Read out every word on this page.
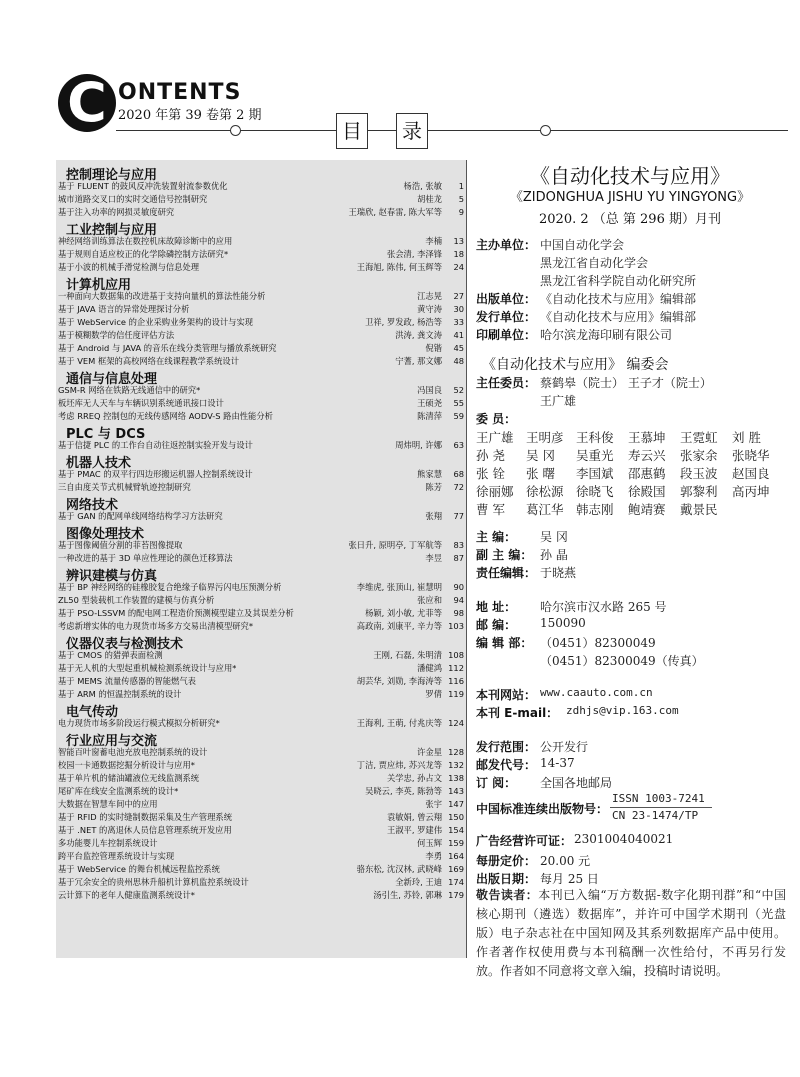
C ONTENTS
2020 年第 39 卷第 2 期
目	录
控制理论与应用
基于 FLUENT 的鼓风反冲洗装置射流参数优化	杨浩, 张敏	1
城市道路交叉口的实时交通信号控制研究	胡桂龙	5
基于注入功率的网损灵敏度研究	王瑞欣, 赵春雷, 陈大军等	9
工业控制与应用
神经网络训练算法在数控机床故障诊断中的应用	李楠	13
基于规则自适应校正的化学除磷控制方法研究*	张会清, 李泽锋	18
基于小波的机械手滑觉检测与信息处理	王海旭, 陈伟, 何玉辉等	24
计算机应用
一种面向大数据集的改进基于支持向量机的算法性能分析	江志晃	27
基于 JAVA 语言的异常处理探讨分析	黄守涛	30
基于 WebService 的企业采购业务架构的设计与实现	卫祥, 罗发政, 杨浩等	33
基于模糊数学的信任度评估方法	洪涛, 龚文涛	41
基于 Android 与 JAVA 的音乐在线分类管理与播放系统研究	倪锴	45
基于 VEM 框架的高校网络在线课程教学系统设计	宁蓍, 那文娜	48
通信与信息处理
GSM-R 网络在铁路无线通信中的研究*	冯国良	52
板坯库无人天车与车辆识别系统通讯接口设计	王硕尧	55
考虑 RREQ 控制包的无线传感网络 AODV-S 路由性能分析	陈清萍	59
PLC 与 DCS
基于信捷 PLC 的工作台自动往返控制实验开发与设计	周炜明, 许娜	63
机器人技术
基于 PMAC 的双平行四边形搬运机器人控制系统设计	熊家慧	68
三自由度关节式机械臂轨迹控制研究	陈芳	72
网络技术
基于 GAN 的配网单线网络结构学习方法研究	张翔	77
图像处理技术
基于图像阈值分割的菲苔图像提取	张日升, 原明亭, 丁军航等	83
一种改进的基于 3D 单应性理论的颜色迁移算法	李昱	87
辨识建模与仿真
基于 BP 神经网络的硅橡胶复合绝缘子临界污闪电压预测分析	李维虎, 张顶山, 崔慧明	90
ZL50 型装载机工作装置的建模与仿真分析	张应和	94
基于 PSO-LSSVM 的配电网工程造价预测模型建立及其误差分析	杨颖, 刘小敏, 尤菲等	98
考虑新增实体的电力现货市场多方交易出清模型研究*	高政南, 刘康平, 辛力等 103
仪器仪表与检测技术
基于 CMOS 的猎弹表面检测	王刚, 石磊, 朱明清 108
基于无人机的大型起重机械检测系统设计与应用*	潘健鸿 112
基于 MEMS 流量传感器的智能燃气表	胡芸华, 刘勋, 李海涛等 116
基于 ARM 的恒温控制系统的设计	罗倩 119
电气传动
电力现货市场多阶段运行模式模拟分析研究*	王海利, 王萌, 付兆庆等 124
行业应用与交流
智能百叶窗蓄电池充放电控制系统的设计	许金星 128
校园一卡通数据挖掘分析设计与应用*	丁洁, 贾应炜, 苏兴龙等 132
基于单片机的储油罐液位无线监测系统	关学忠, 孙占文 138
尾矿库在线安全监测系统的设计*	吴晓云, 李英, 陈勃等 143
大数据在智慧车间中的应用	张宇 147
基于 RFID 的实时缝制数据采集及生产管理系统	袁敏娟, 曾云翔 150
基于 .NET 的离退休人员信息管理系统开发应用	王淑平, 罗建伟 154
多功能婴儿车控制系统设计	何玉辉 159
跨平台监控管理系统设计与实现	李勇 164
基于 WebService 的舞台机械远程监控系统	骆东松, 沈汉林, 武晓峰 169
基于冗余安全的贵州思林升船机计算机监控系统设计	全新玲, 王迪 174
云计算下的老年人健康监测系统设计*	汤引生, 苏铃, 郭琳 179
《自动化技术与应用》
《ZIDONGHUA JISHU YU YINGYONG》
2020. 2 （总 第 296 期）月刊
主办单位： 中国自动化学会
黑龙江省自动化学会
黑龙江省科学院自动化研究所
出版单位： 《自动化技术与应用》编辑部
发行单位： 《自动化技术与应用》编辑部
印刷单位： 哈尔滨龙海印刷有限公司
《自动化技术与应用》 编委会
主任委员： 蔡鹤皋（院士） 王子才（院士）
王广雄
委 员：
王广雄 王明彦 王科俊 王慕坤 王霓虹 刘 胜
孙 尧 吴 冈 吴重光 寿云兴 张家余 张晓华
张 铨 张 曙 李国斌 邵惠鹤 段玉波 赵国良
徐丽娜 徐松源 徐晓飞 徐殿国 郭黎利 高丙坤
曹 军 葛江华 韩志刚 鲍靖赛 戴景民
主 编： 吴 冈
副 主 编： 孙 晶
责任编辑： 于晓燕
地 址： 哈尔滨市汉水路 265 号
邮 编： 150090
编 辑 部： （0451）82300049
（0451）82300049（传真）
本刊网站： www.caauto.com.cn
本刊 E-mail： zdhjs@vip.163.com
发行范围： 公开发行
邮发代号： 14-37
订 阅： 全国各地邮局
中国标准连续出版物号：
ISSN 1003-7241
CN 23-1474/TP
广告经营许可证： 2301004040021
每册定价： 20.00 元
出版日期： 每月 25 日
敬告读者：本刊已入编“万方数据-数字化期刊群”和“中国核心期刊（遴选）数据库”，并许可中国学术期刊（光盘版）电子杂志社在中国知网及其系列数据库产品中使用。作者著作权使用费与本刊稿酬一次性给付，不再另行发放。作者如不同意将文章入编，投稿时请说明。
